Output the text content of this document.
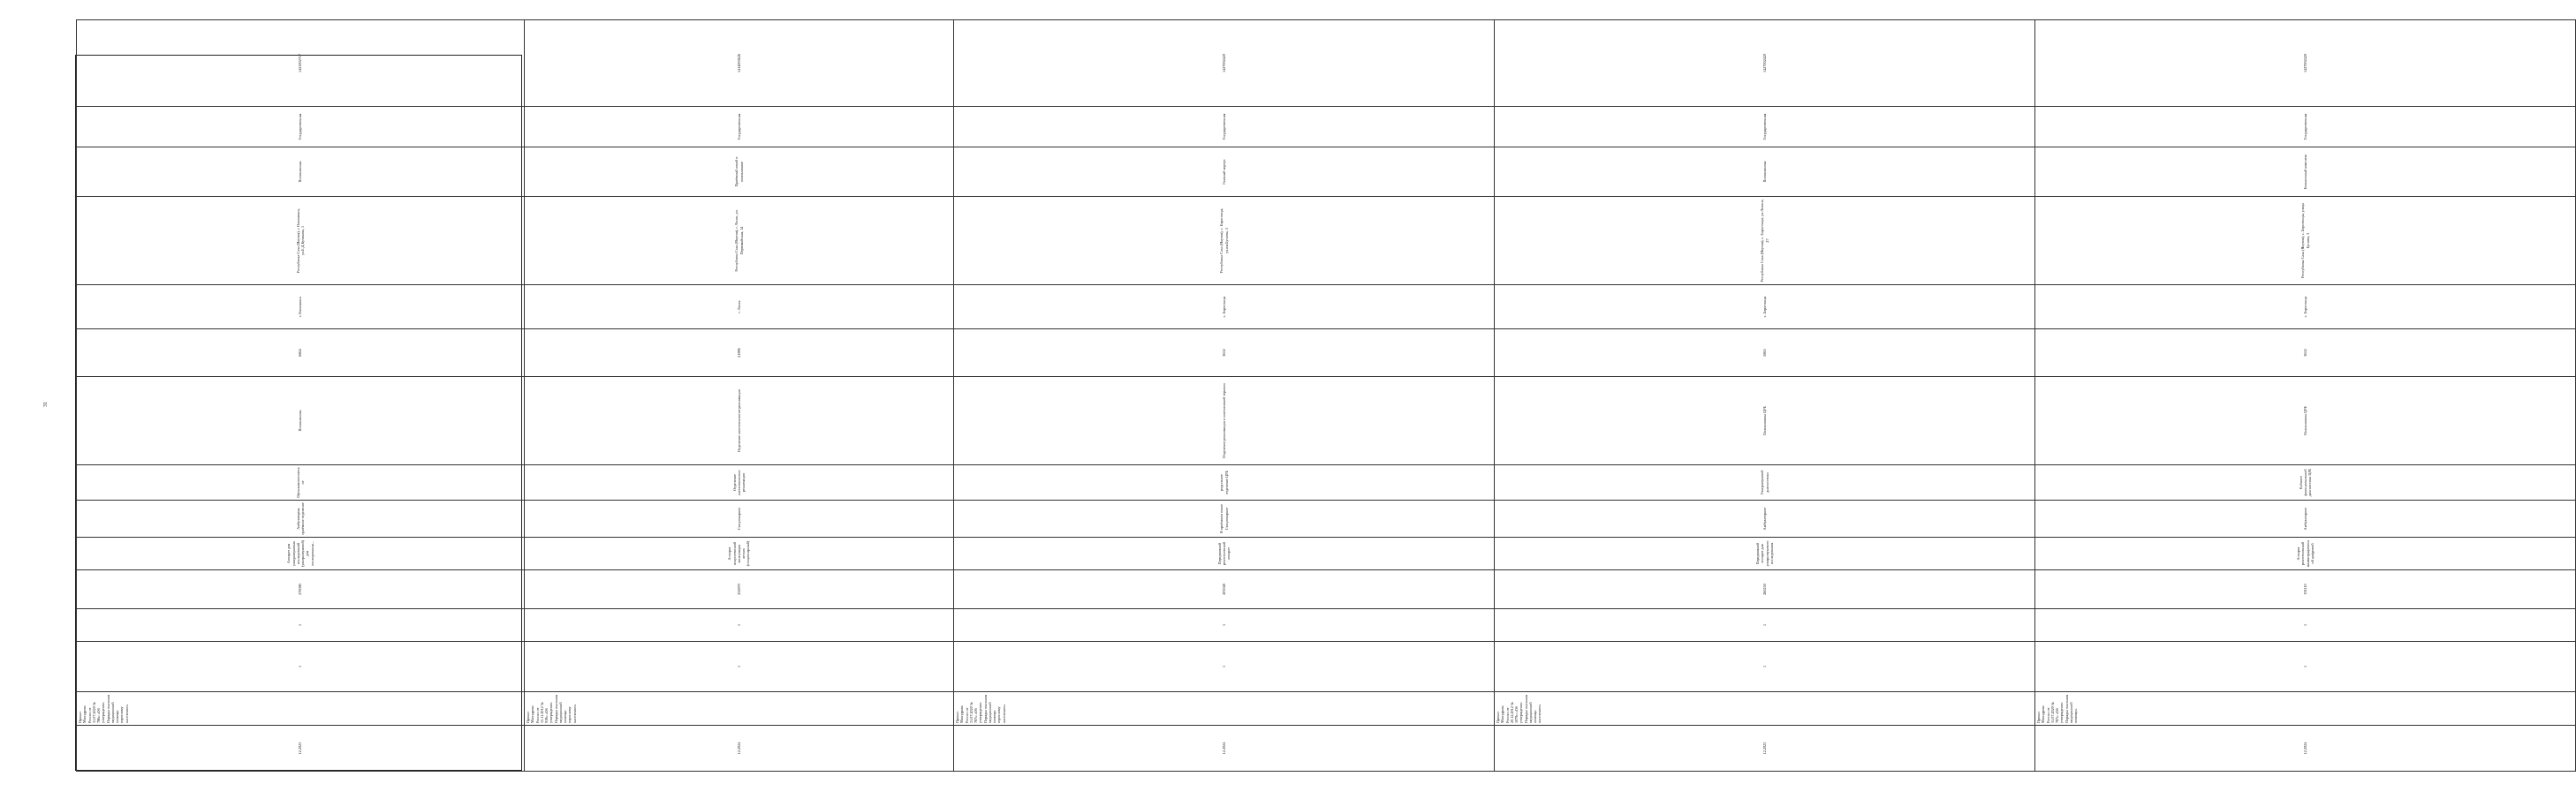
31
12.2023	Приказ Минздрава России от 31.07.2020 № 786н «Об утверждении Порядка оказания медицинской помощи взрослому населению»	1	1	270080	Аппарат для ультразвуковых исследований (ультразвуковой) для исследования...	Амбулатория, приёмное отделение	Офтальмологическое	Поликлиника	6864	г. Олекминск	Республика Саха (Якутия), г. Олекминск, ул.Е.Д.Кутикова, 1	Поликлиника	Государственная	1421002717		
12.2024	Приказ Минздрава России от 15.11.2012 № 919н «Об утверждении Порядка оказания медицинской помощи взрослому населению»	1	1	232870	Аппарат искусственной вентиляции легких (стационарный)	Стационарное	Отделение анестезиологии-реанимации	Отделение анестезиологии-реанимации	21896	г. Ленск	Республика Саха (Якутия), г. Ленск, ул. Первомайская, 14	Приёмный покой в поликлинике	Государственная	1414003626		
12.2024	Приказ Минздрава России от 31.07.2020 № 787н «Об утверждении Порядка оказания медицинской помощи взрослому населению»	1	1	203048	Передвижной рентгеновский аппарат	В приёмном покое Стационарное	родильное отделение ЦРБ	Отделение реанимации и интенсивной терапии	3652	с. Борогонцы	Республика Саха (Якутия), с. Борогонцы, ул.им.Бугаева, 3	Главный корпус	Государственная	1427002420		
12.2023	Приказ Минздрава России от 20.12.2012 № 1079н «Об утверждении Порядка оказания медицинской помощи населению»	1	1	260250	Передвижной аппарат для ультразвукового исследования	Амбулаторное	Ультразвуковой диагностики	Поликлиника ЦРБ	5863	с. Борогонцы	Республика Саха (Якутия), с. Борогонцы, ул.Ленина, 27	Поликлиника	Государственная	1427002420		
12.2024	Приказ Минздрава России от 31.07.2020 № 787н «Об утверждении Порядка оказания медицинской помощи»	1	1	191110	Аппарат рентгеновский маммографический цифровой	Амбулаторное	Кабинет функциональной диагностики ЦРБ	Поликлиника ЦРБ	3652	с. Борогонцы	Республика Саха (Якутия), с. Борогонцы, улица Бугаева, 3	Больничный комплекс	Государственная	1427002420		
